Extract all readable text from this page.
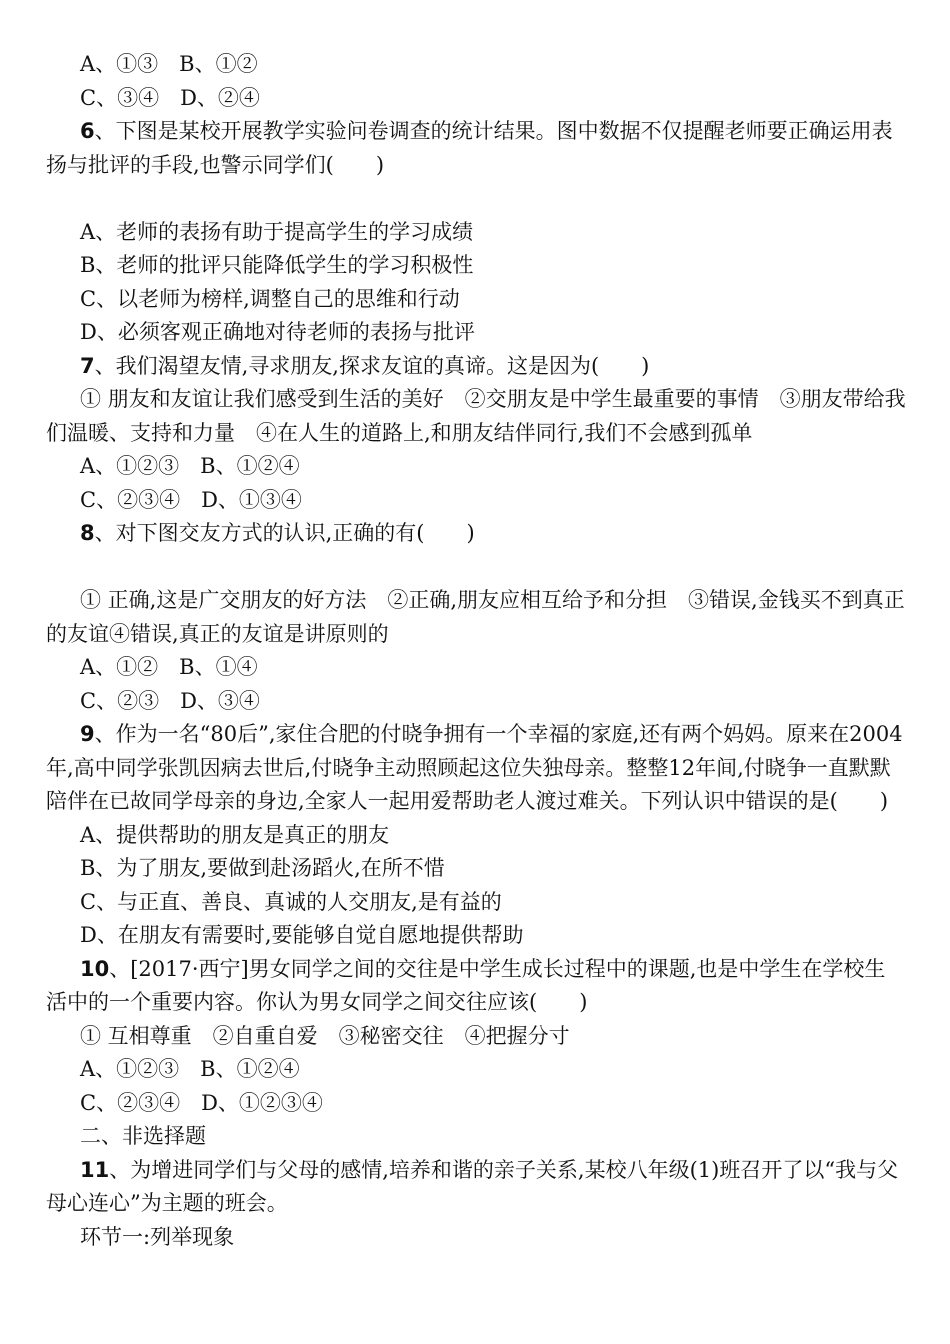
A、①③　B、①②
C、③④　D、②④
6、下图是某校开展教学实验问卷调查的统计结果。图中数据不仅提醒老师要正确运用表扬与批评的手段,也警示同学们(　　)
A、老师的表扬有助于提高学生的学习成绩
B、老师的批评只能降低学生的学习积极性
C、以老师为榜样,调整自己的思维和行动
D、必须客观正确地对待老师的表扬与批评
7、我们渴望友情,寻求朋友,探求友谊的真谛。这是因为(　　)
① 朋友和友谊让我们感受到生活的美好　②交朋友是中学生最重要的事情　③朋友带给我们温暖、支持和力量　④在人生的道路上,和朋友结伴同行,我们不会感到孤单
A、①②③　B、①②④
C、②③④　D、①③④
8、对下图交友方式的认识,正确的有(　　)
① 正确,这是广交朋友的好方法　②正确,朋友应相互给予和分担　③错误,金钱买不到真正的友谊④错误,真正的友谊是讲原则的
A、①②　B、①④
C、②③　D、③④
9、作为一名“80后”,家住合肥的付晓争拥有一个幸福的家庭,还有两个妈妈。原来在2004年,高中同学张凯因病去世后,付晓争主动照顾起这位失独母亲。整整12年间,付晓争一直默默陪伴在已故同学母亲的身边,全家人一起用爱帮助老人渡过难关。下列认识中错误的是(　　)
A、提供帮助的朋友是真正的朋友
B、为了朋友,要做到赴汤蹈火,在所不惜
C、与正直、善良、真诚的人交朋友,是有益的
D、在朋友有需要时,要能够自觉自愿地提供帮助
10、[2017·西宁]男女同学之间的交往是中学生成长过程中的课题,也是中学生在学校生活中的一个重要内容。你认为男女同学之间交往应该(　　)
① 互相尊重　②自重自爱　③秘密交往　④把握分寸
A、①②③　B、①②④
C、②③④　D、①②③④
二、非选择题
11、为增进同学们与父母的感情,培养和谐的亲子关系,某校八年级(1)班召开了以“我与父母心连心”为主题的班会。
环节一:列举现象
